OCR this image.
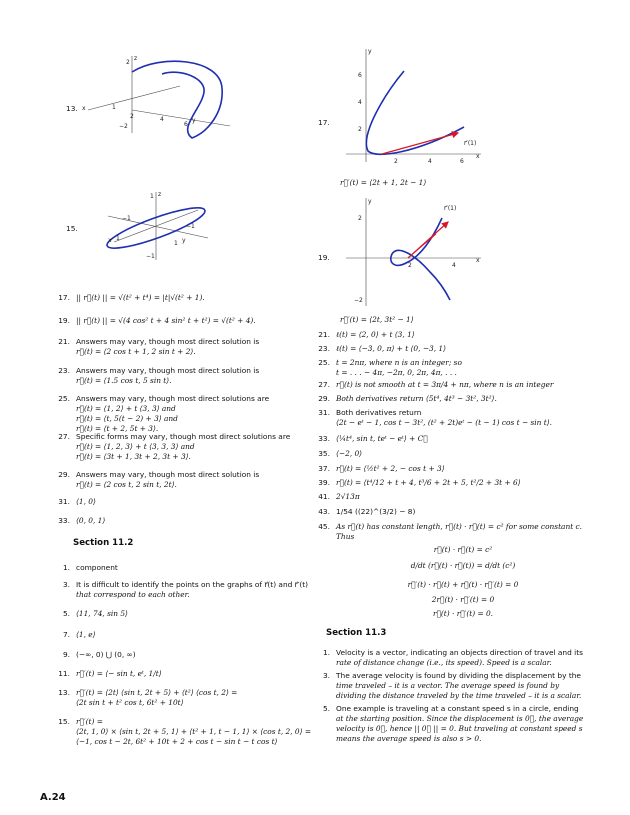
13.
2
z
x	1
2	4
6
y
−2
15.
1 z
−1
−1
x 1
1 y
−1
17. || r⃗(t) || = √(t² + t⁴) = |t|√(t² + 1).
19. || r⃗(t) || = √(4 cos² t + 4 sin² t + t²) = √(t² + 4).
21. Answers may vary, though most direct solution is
r⃗(t) = ⟨2 cos t + 1, 2 sin t + 2⟩.
23. Answers may vary, though most direct solution is
r⃗(t) = ⟨1.5 cos t, 5 sin t⟩.
25. Answers may vary, though most direct solutions are
r⃗(t) = ⟨1, 2⟩ + t ⟨3, 3⟩ and
r⃗(t) = ⟨t, 5(t − 2) + 3⟩ and
r⃗(t) = ⟨t + 2, 5t + 3⟩.
27. Specific forms may vary, though most direct solutions are
r⃗(t) = ⟨1, 2, 3⟩ + t ⟨3, 3, 3⟩ and
r⃗(t) = ⟨3t + 1, 3t + 2, 3t + 3⟩.
29. Answers may vary, though most direct solution is
r⃗(t) = ⟨2 cos t, 2 sin t, 2t⟩.
31. ⟨1, 0⟩
33. ⟨0, 0, 1⟩
Section 11.2
1. component
3. It is difficult to identify the points on the graphs of r⃗(t) and r⃗′(t)
that correspond to each other.
5. ⟨11, 74, sin 5⟩
7. ⟨1, e⟩
9. (−∞, 0) ⋃ (0, ∞)
11. r⃗′(t) = ⟨− sin t, eᵗ, 1/t⟩
13. r⃗′(t) = ⟨2t⟩ ⟨sin t, 2t + 5⟩ + ⟨t²⟩ ⟨cos t, 2⟩ =
⟨2t sin t + t² cos t, 6t² + 10t⟩
15. r⃗′(t) =
⟨2t, 1, 0⟩ × ⟨sin t, 2t + 5, 1⟩ + ⟨t² + 1, t − 1, 1⟩ × ⟨cos t, 2, 0⟩ =
⟨−1, cos t − 2t, 6t² + 10t + 2 + cos t − sin t − t cos t⟩
17.
y
6
4
2
2	4	6
x
r⃗′(1)
r⃗′(t) = ⟨2t + 1, 2t − 1⟩
19.
y
2
−2
2	4
x
r⃗′(1)
r⃗′(t) = ⟨2t, 3t² − 1⟩
21. ℓ(t) = ⟨2, 0⟩ + t ⟨3, 1⟩
23. ℓ(t) = ⟨−3, 0, π⟩ + t ⟨0, −3, 1⟩
25. t = 2nπ, where n is an integer; so
t = . . . − 4π, −2π, 0, 2π, 4π, . . .
27. r⃗(t) is not smooth at t = 3π/4 + nπ, where n is an integer
29. Both derivatives return ⟨5t⁴, 4t³ − 3t², 3t²⟩.
31. Both derivatives return
⟨2t − eᵗ − 1, cos t − 3t², (t² + 2t)eᵗ − (t − 1) cos t − sin t⟩.
33. ⟨¼t⁴, sin t, teᵗ − eᵗ⟩ + C⃗
35. ⟨−2, 0⟩
37. r⃗(t) = ⟨½t² + 2, − cos t + 3⟩
39. r⃗(t) = ⟨t⁴/12 + t + 4, t³/6 + 2t + 5, t²/2 + 3t + 6⟩
41. 2√13π
43. 1/54 ((22)^(3/2) − 8)
45. As r⃗(t) has constant length, r⃗(t) · r⃗(t) = c² for some constant c.
Thus
r⃗(t) · r⃗(t) = c²
d/dt (r⃗(t) · r⃗(t)) = d/dt (c²)
r⃗′(t) · r⃗(t) + r⃗(t) · r⃗′(t) = 0
2r⃗(t) · r⃗′(t) = 0
r⃗(t) · r⃗′(t) = 0.
Section 11.3
1. Velocity is a vector, indicating an objects direction of travel and its
rate of distance change (i.e., its speed). Speed is a scalar.
3. The average velocity is found by dividing the displacement by the
time traveled – it is a vector. The average speed is found by
dividing the distance traveled by the time traveled – it is a scalar.
5. One example is traveling at a constant speed s in a circle, ending
at the starting position. Since the displacement is 0⃗, the average
velocity is 0⃗, hence || 0⃗ || = 0. But traveling at constant speed s
means the average speed is also s > 0.
A.24
